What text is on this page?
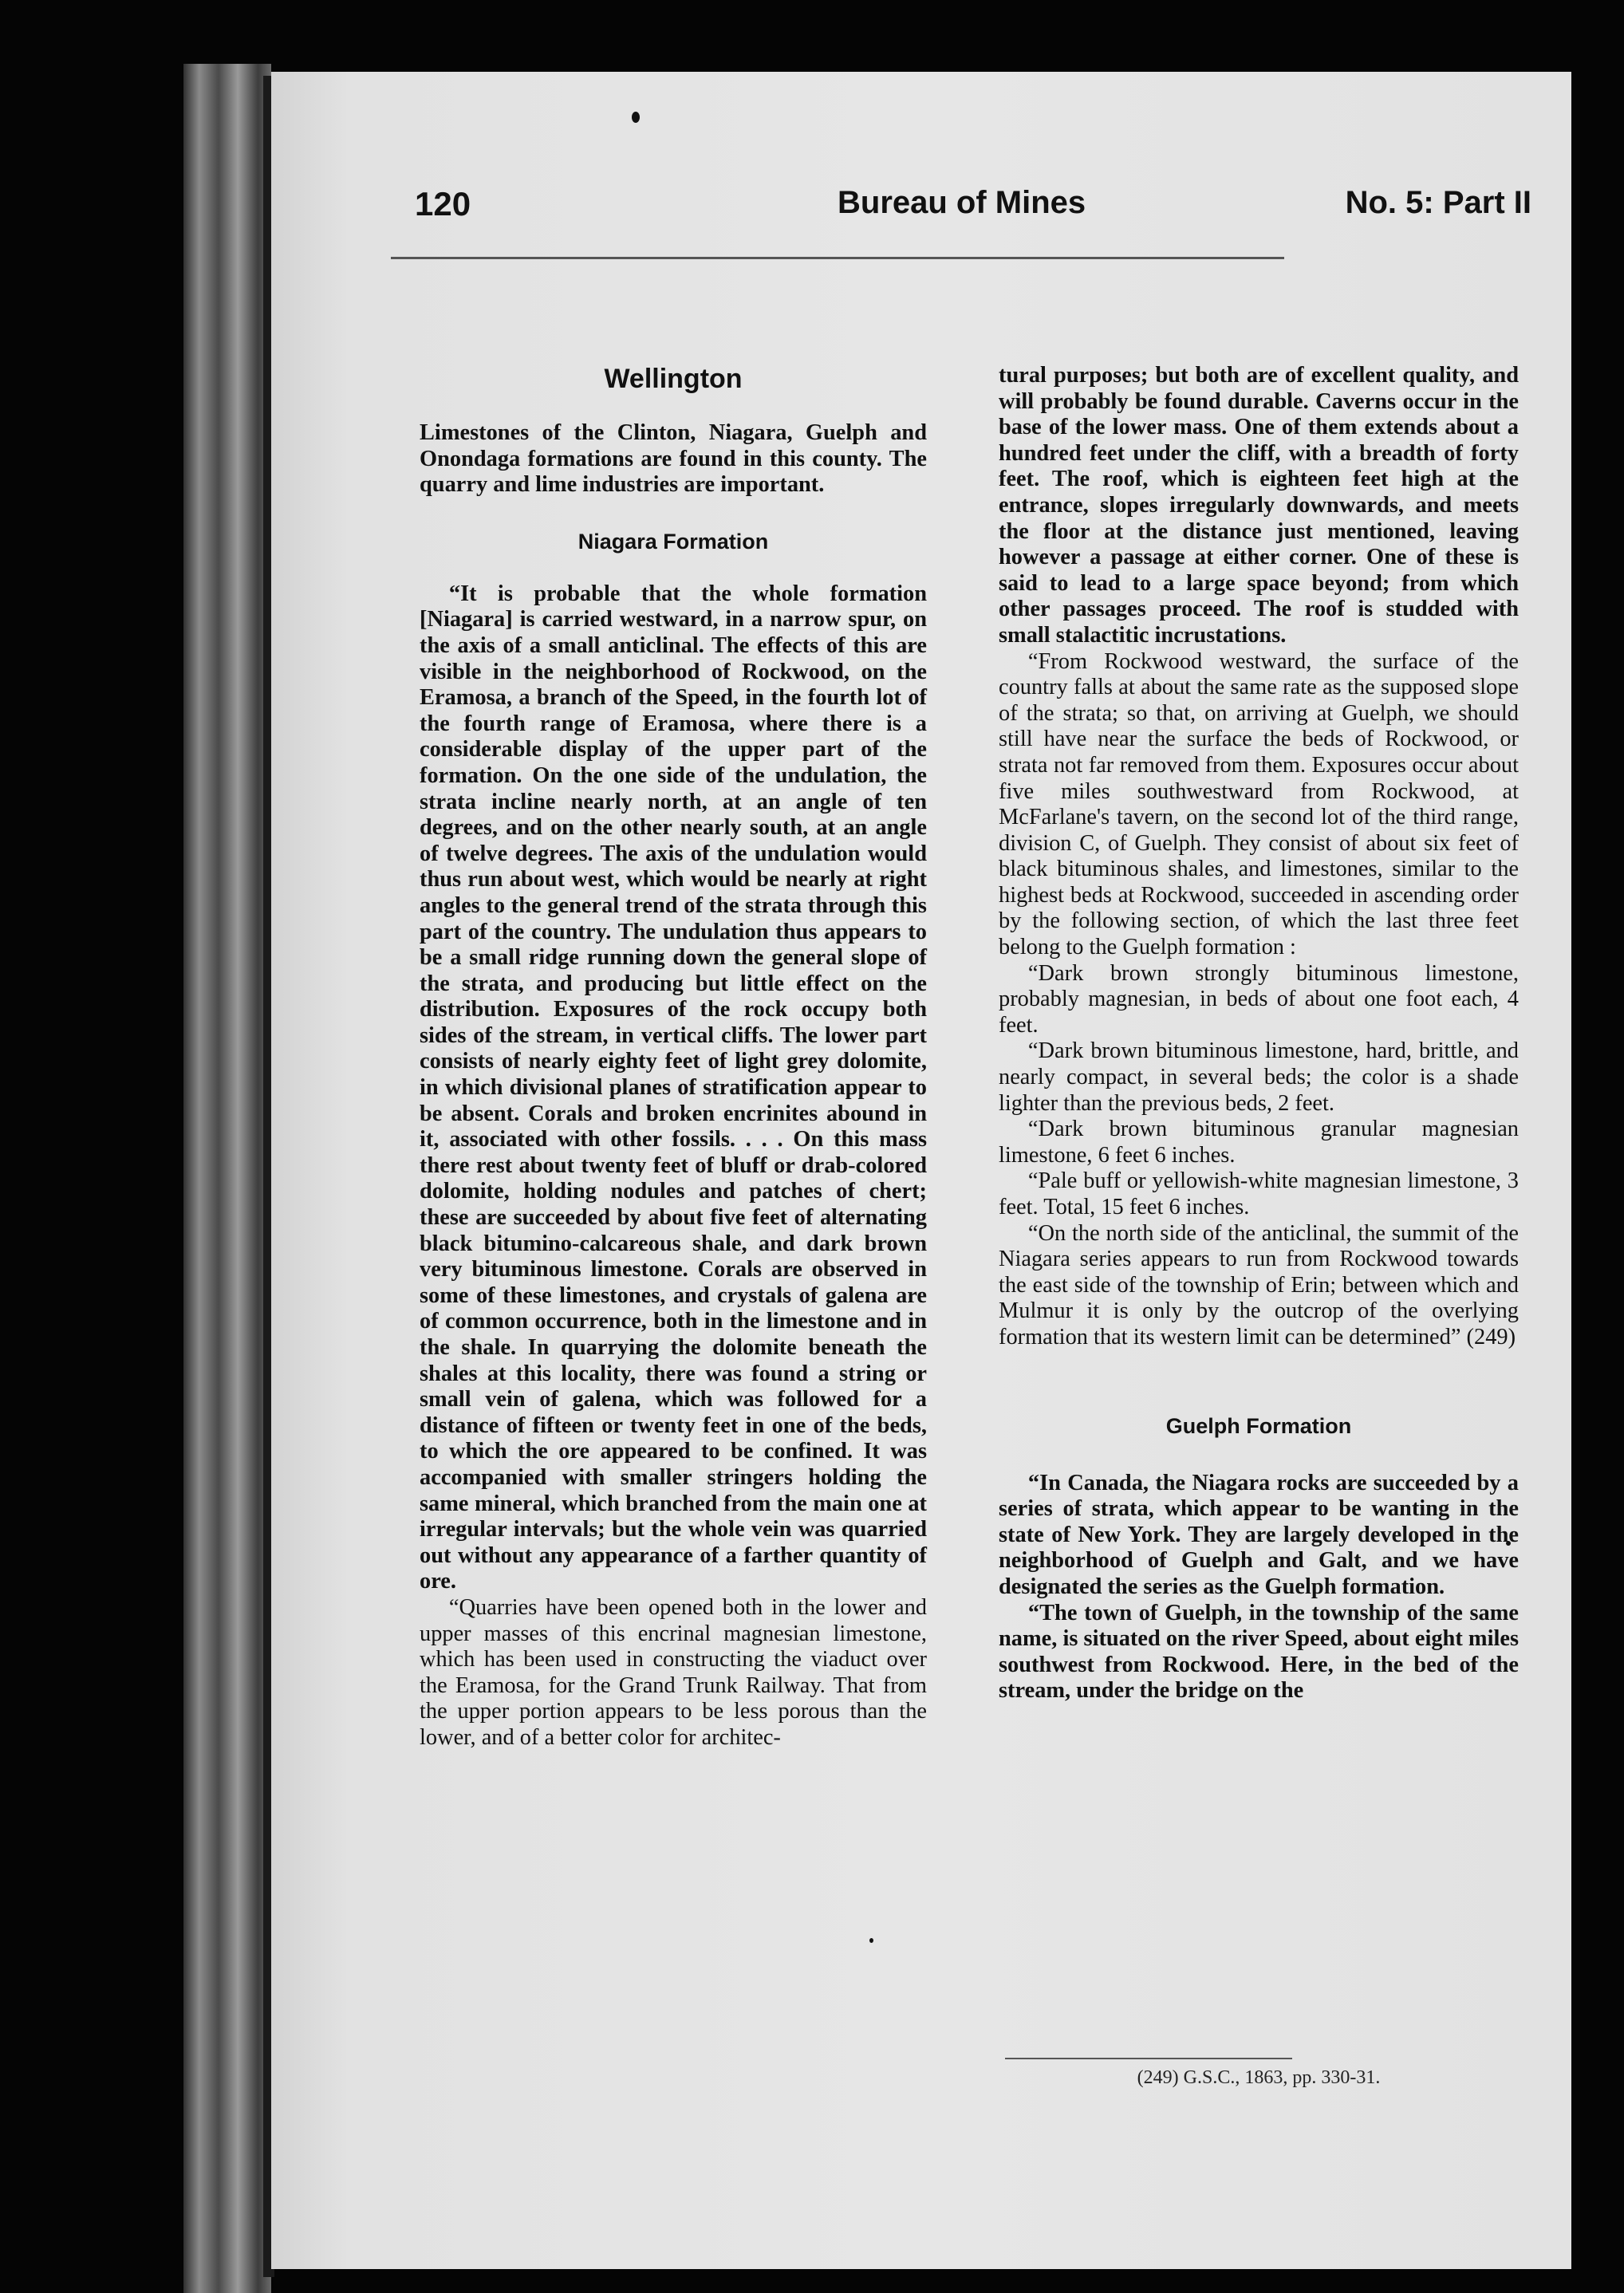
120	Bureau of Mines	No. 5: Part II
Wellington

Limestones of the Clinton, Niagara, Guelph and Onondaga formations are found in this county. The quarry and lime industries are important.

Niagara Formation

“It is probable that the whole formation [Niagara] is carried westward, in a narrow spur, on the axis of a small anticlinal. The effects of this are visible in the neighborhood of Rockwood, on the Eramosa, a branch of the Speed, in the fourth lot of the fourth range of Eramosa, where there is a considerable display of the upper part of the formation. On the one side of the undulation, the strata incline nearly north, at an angle of ten degrees, and on the other nearly south, at an angle of twelve degrees. The axis of the undulation would thus run about west, which would be nearly at right angles to the general trend of the strata through this part of the country. The undulation thus appears to be a small ridge running down the general slope of the strata, and producing but little effect on the distribution. Exposures of the rock occupy both sides of the stream, in vertical cliffs. The lower part consists of nearly eighty feet of light grey dolomite, in which divisional planes of stratification appear to be absent. Corals and broken encrinites abound in it, associated with other fossils. . . . On this mass there rest about twenty feet of bluff or drab-colored dolomite, holding nodules and patches of chert; these are succeeded by about five feet of alternating black bitumino-calcareous shale, and dark brown very bituminous limestone. Corals are observed in some of these limestones, and crystals of galena are of common occurrence, both in the limestone and in the shale. In quarrying the dolomite beneath the shales at this locality, there was found a string or small vein of galena, which was followed for a distance of fifteen or twenty feet in one of the beds, to which the ore appeared to be confined. It was accompanied with smaller stringers holding the same mineral, which branched from the main one at irregular intervals; but the whole vein was quarried out without any appearance of a farther quantity of ore.

“Quarries have been opened both in the lower and upper masses of this encrinal magnesian limestone, which has been used in constructing the viaduct over the Eramosa, for the Grand Trunk Railway. That from the upper portion appears to be less porous than the lower, and of a better color for architec-

tural purposes; but both are of excellent quality, and will probably be found durable. Caverns occur in the base of the lower mass. One of them extends about a hundred feet under the cliff, with a breadth of forty feet. The roof, which is eighteen feet high at the entrance, slopes irregularly downwards, and meets the floor at the distance just mentioned, leaving however a passage at either corner. One of these is said to lead to a large space beyond; from which other passages proceed. The roof is studded with small stalactitic incrustations.

“From Rockwood westward, the surface of the country falls at about the same rate as the supposed slope of the strata; so that, on arriving at Guelph, we should still have near the surface the beds of Rockwood, or strata not far removed from them. Exposures occur about five miles southwestward from Rockwood, at McFarlane's tavern, on the second lot of the third range, division C, of Guelph. They consist of about six feet of black bituminous shales, and limestones, similar to the highest beds at Rockwood, succeeded in ascending order by the following section, of which the last three feet belong to the Guelph formation :

“Dark brown strongly bituminous limestone, probably magnesian, in beds of about one foot each, 4 feet.

“Dark brown bituminous limestone, hard, brittle, and nearly compact, in several beds; the color is a shade lighter than the previous beds, 2 feet.

“Dark brown bituminous granular magnesian limestone, 6 feet 6 inches.

“Pale buff or yellowish-white magnesian limestone, 3 feet. Total, 15 feet 6 inches.

“On the north side of the anticlinal, the summit of the Niagara series appears to run from Rockwood towards the east side of the township of Erin; between which and Mulmur it is only by the outcrop of the overlying formation that its western limit can be determined” (249)

Guelph Formation

“In Canada, the Niagara rocks are succeeded by a series of strata, which appear to be wanting in the state of New York. They are largely developed in the neighborhood of Guelph and Galt, and we have designated the series as the Guelph formation.

“The town of Guelph, in the township of the same name, is situated on the river Speed, about eight miles southwest from Rockwood. Here, in the bed of the stream, under the bridge on the

(249) G.S.C., 1863, pp. 330-31.
